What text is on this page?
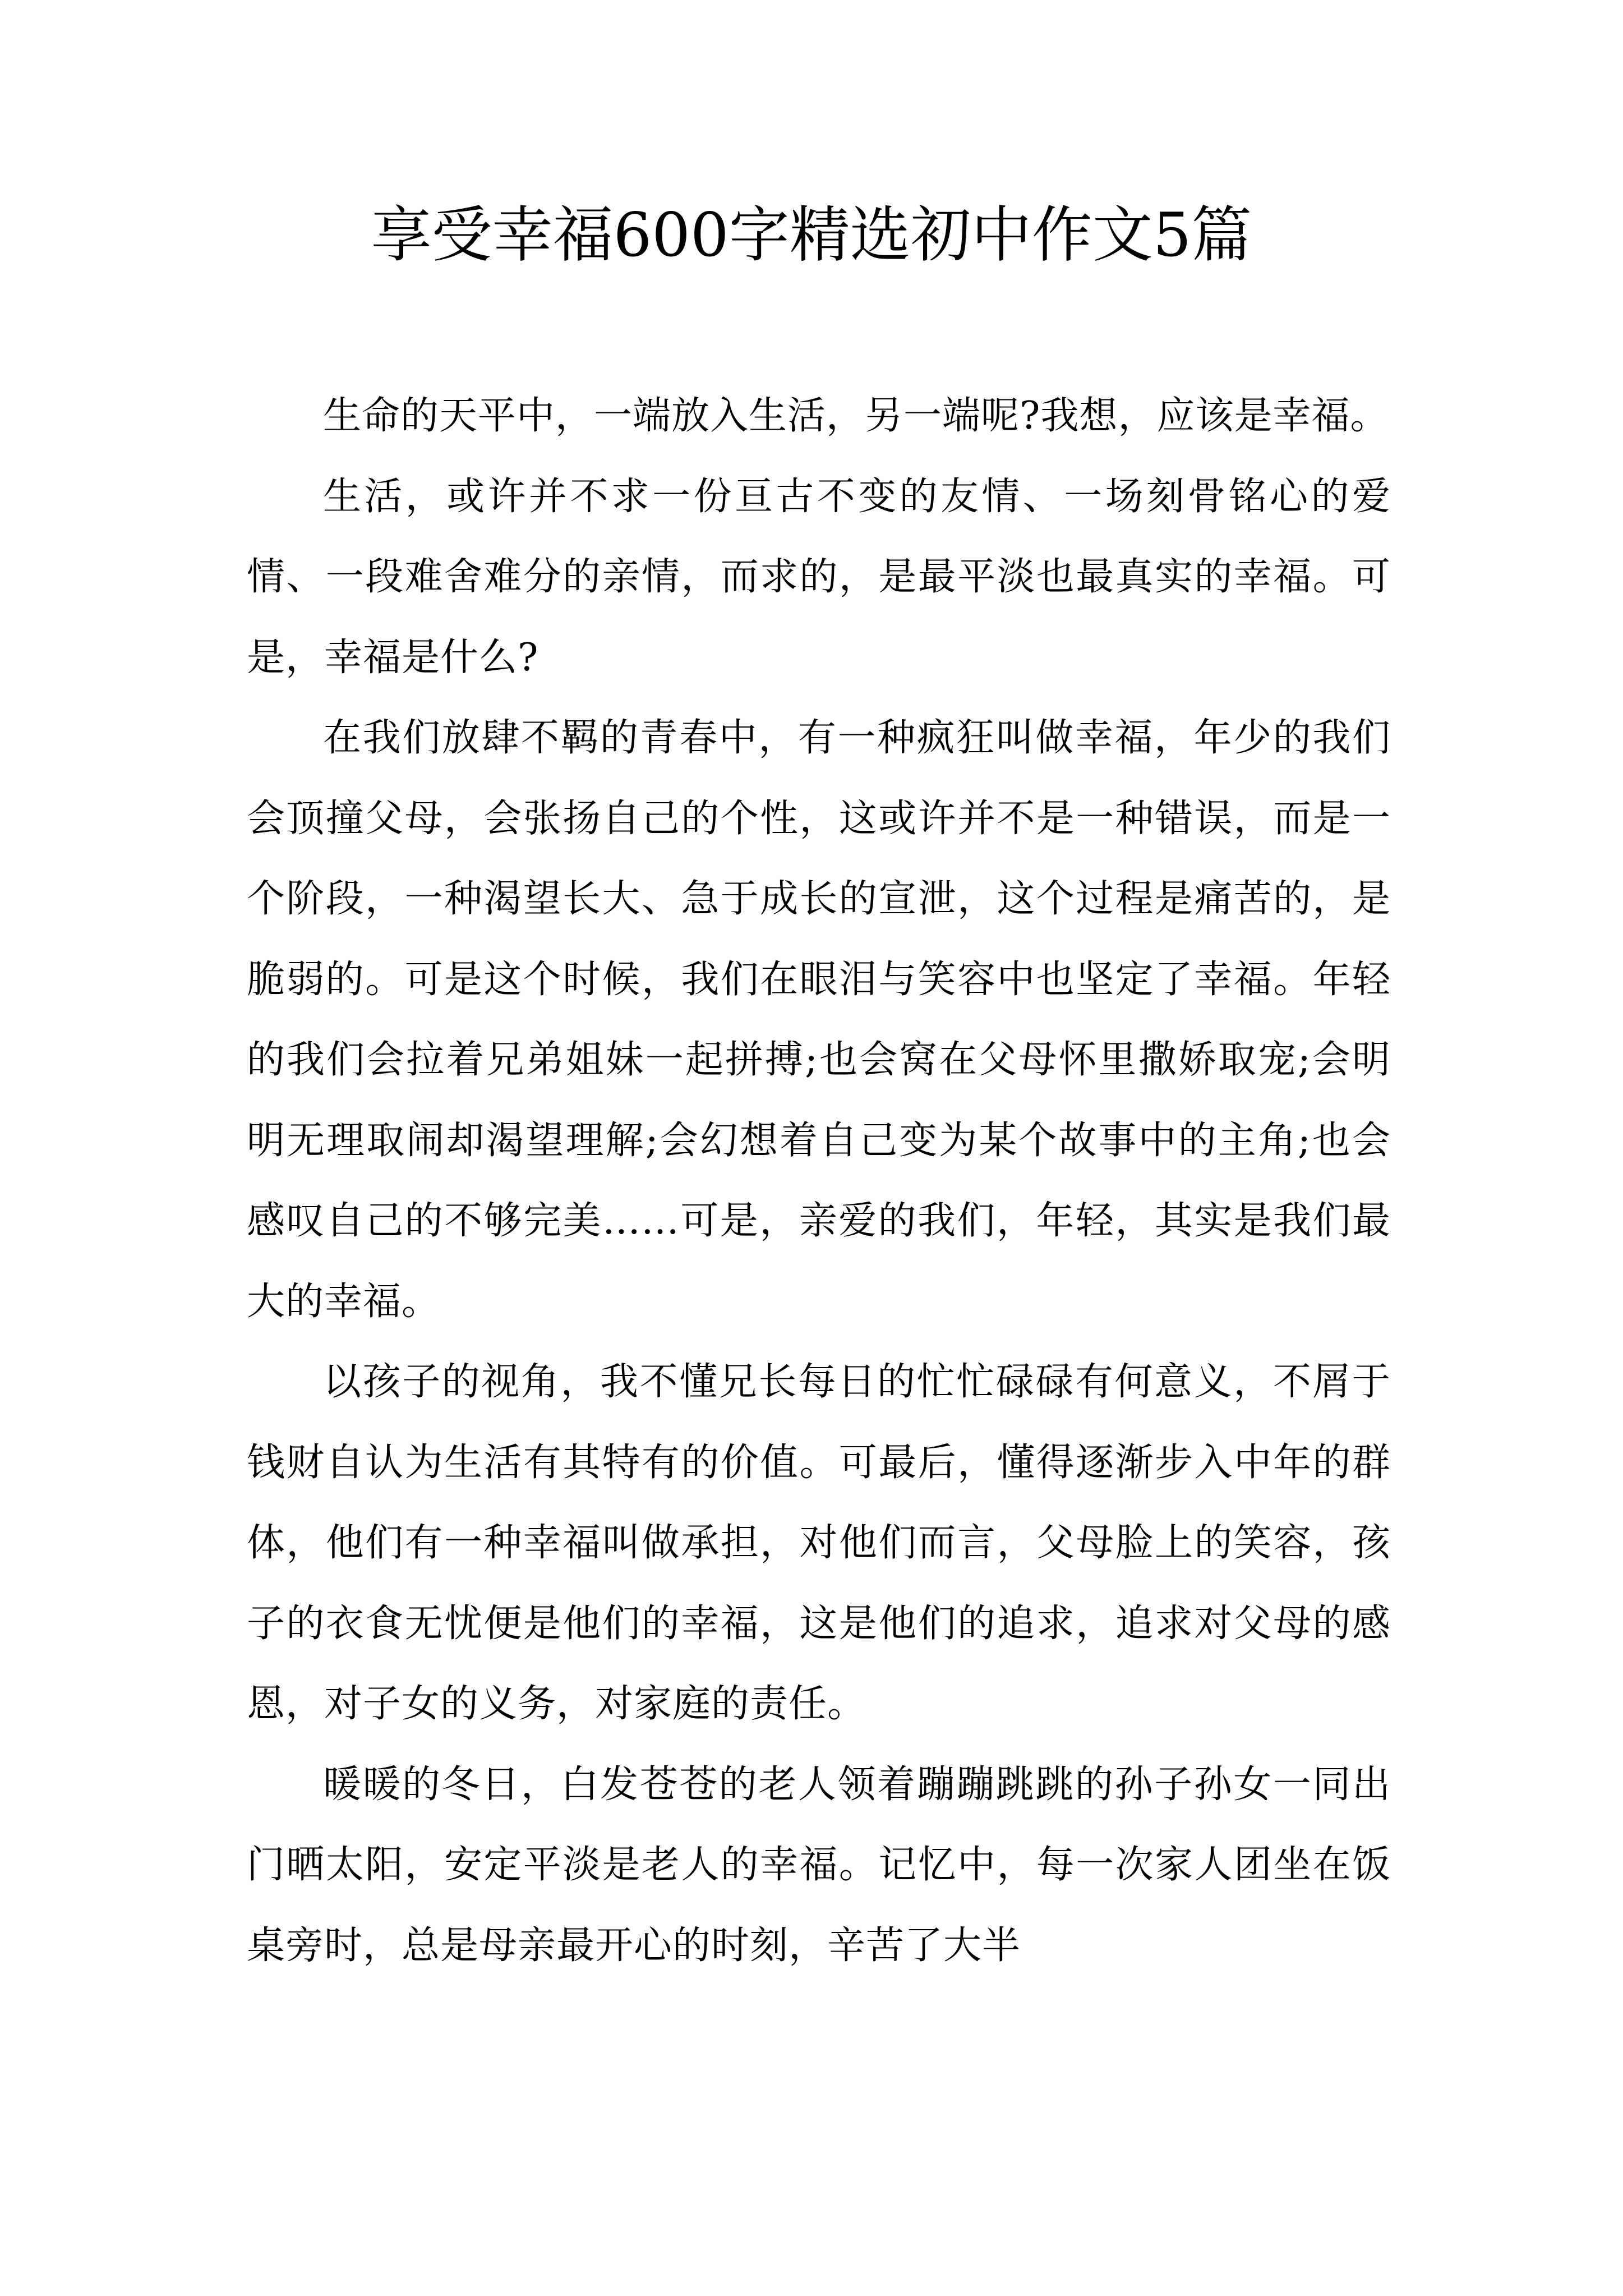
享受幸福600字精选初中作文5篇

生命的天平中，一端放入生活，另一端呢?我想，应该是幸福。

生活，或许并不求一份亘古不变的友情、一场刻骨铭心的爱情、一段难舍难分的亲情，而求的，是最平淡也最真实的幸福。可是，幸福是什么?

在我们放肆不羁的青春中，有一种疯狂叫做幸福，年少的我们会顶撞父母，会张扬自己的个性，这或许并不是一种错误，而是一个阶段，一种渴望长大、急于成长的宣泄，这个过程是痛苦的，是脆弱的。可是这个时候，我们在眼泪与笑容中也坚定了幸福。年轻的我们会拉着兄弟姐妹一起拼搏;也会窝在父母怀里撒娇取宠;会明明无理取闹却渴望理解;会幻想着自己变为某个故事中的主角;也会感叹自己的不够完美……可是，亲爱的我们，年轻，其实是我们最大的幸福。

以孩子的视角，我不懂兄长每日的忙忙碌碌有何意义，不屑于钱财自认为生活有其特有的价值。可最后，懂得逐渐步入中年的群体，他们有一种幸福叫做承担，对他们而言，父母脸上的笑容，孩子的衣食无忧便是他们的幸福，这是他们的追求，追求对父母的感恩，对子女的义务，对家庭的责任。

暖暖的冬日，白发苍苍的老人领着蹦蹦跳跳的孙子孙女一同出门晒太阳，安定平淡是老人的幸福。记忆中，每一次家人团坐在饭桌旁时，总是母亲最开心的时刻，辛苦了大半
